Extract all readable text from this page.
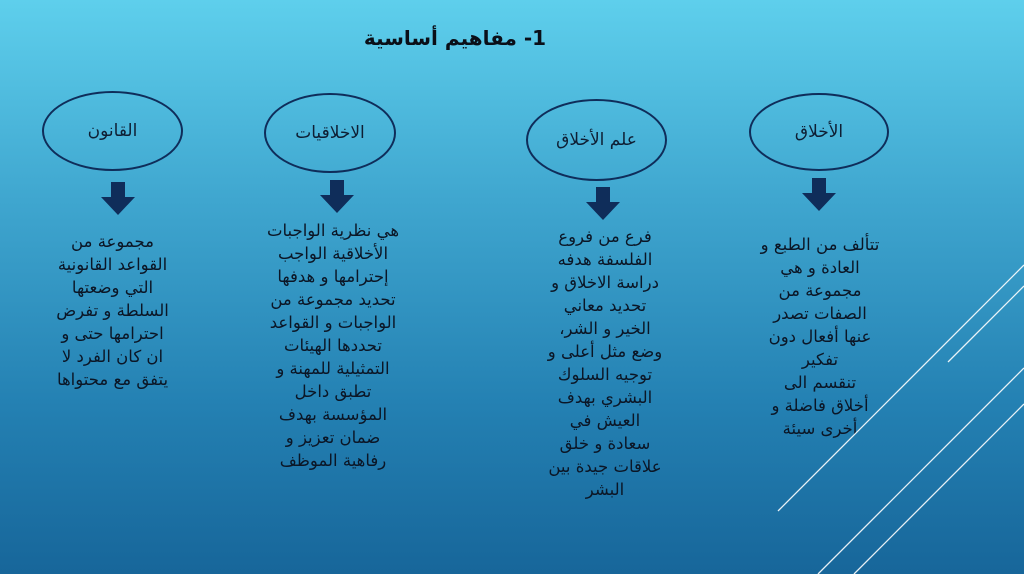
1- مفاهيم أساسية
القانون
مجموعة من
القواعد القانونية
التي وضعتها
السلطة و تفرض
احترامها حتى و
ان كان الفرد لا
يتفق مع محتواها
الاخلاقيات
هي نظرية الواجبات
الأخلاقية الواجب
إحترامها و هدفها
تحديد مجموعة من
الواجبات و القواعد
تحددها الهيئات
التمثيلية للمهنة و
تطبق داخل
المؤسسة بهدف
ضمان تعزيز و
رفاهية الموظف
علم الأخلاق
فرع من فروع
الفلسفة هدفه
دراسة الاخلاق و
تحديد معاني
الخير و الشر،
وضع مثل أعلى و
توجيه السلوك
البشري بهدف
العيش في
سعادة و خلق
علاقات جيدة بين
البشر
الأخلاق
تتألف من الطبع و
العادة و هي
مجموعة من
الصفات تصدر
عنها أفعال دون
تفكير
تنقسم الى
أخلاق فاضلة و
أخرى سيئة
